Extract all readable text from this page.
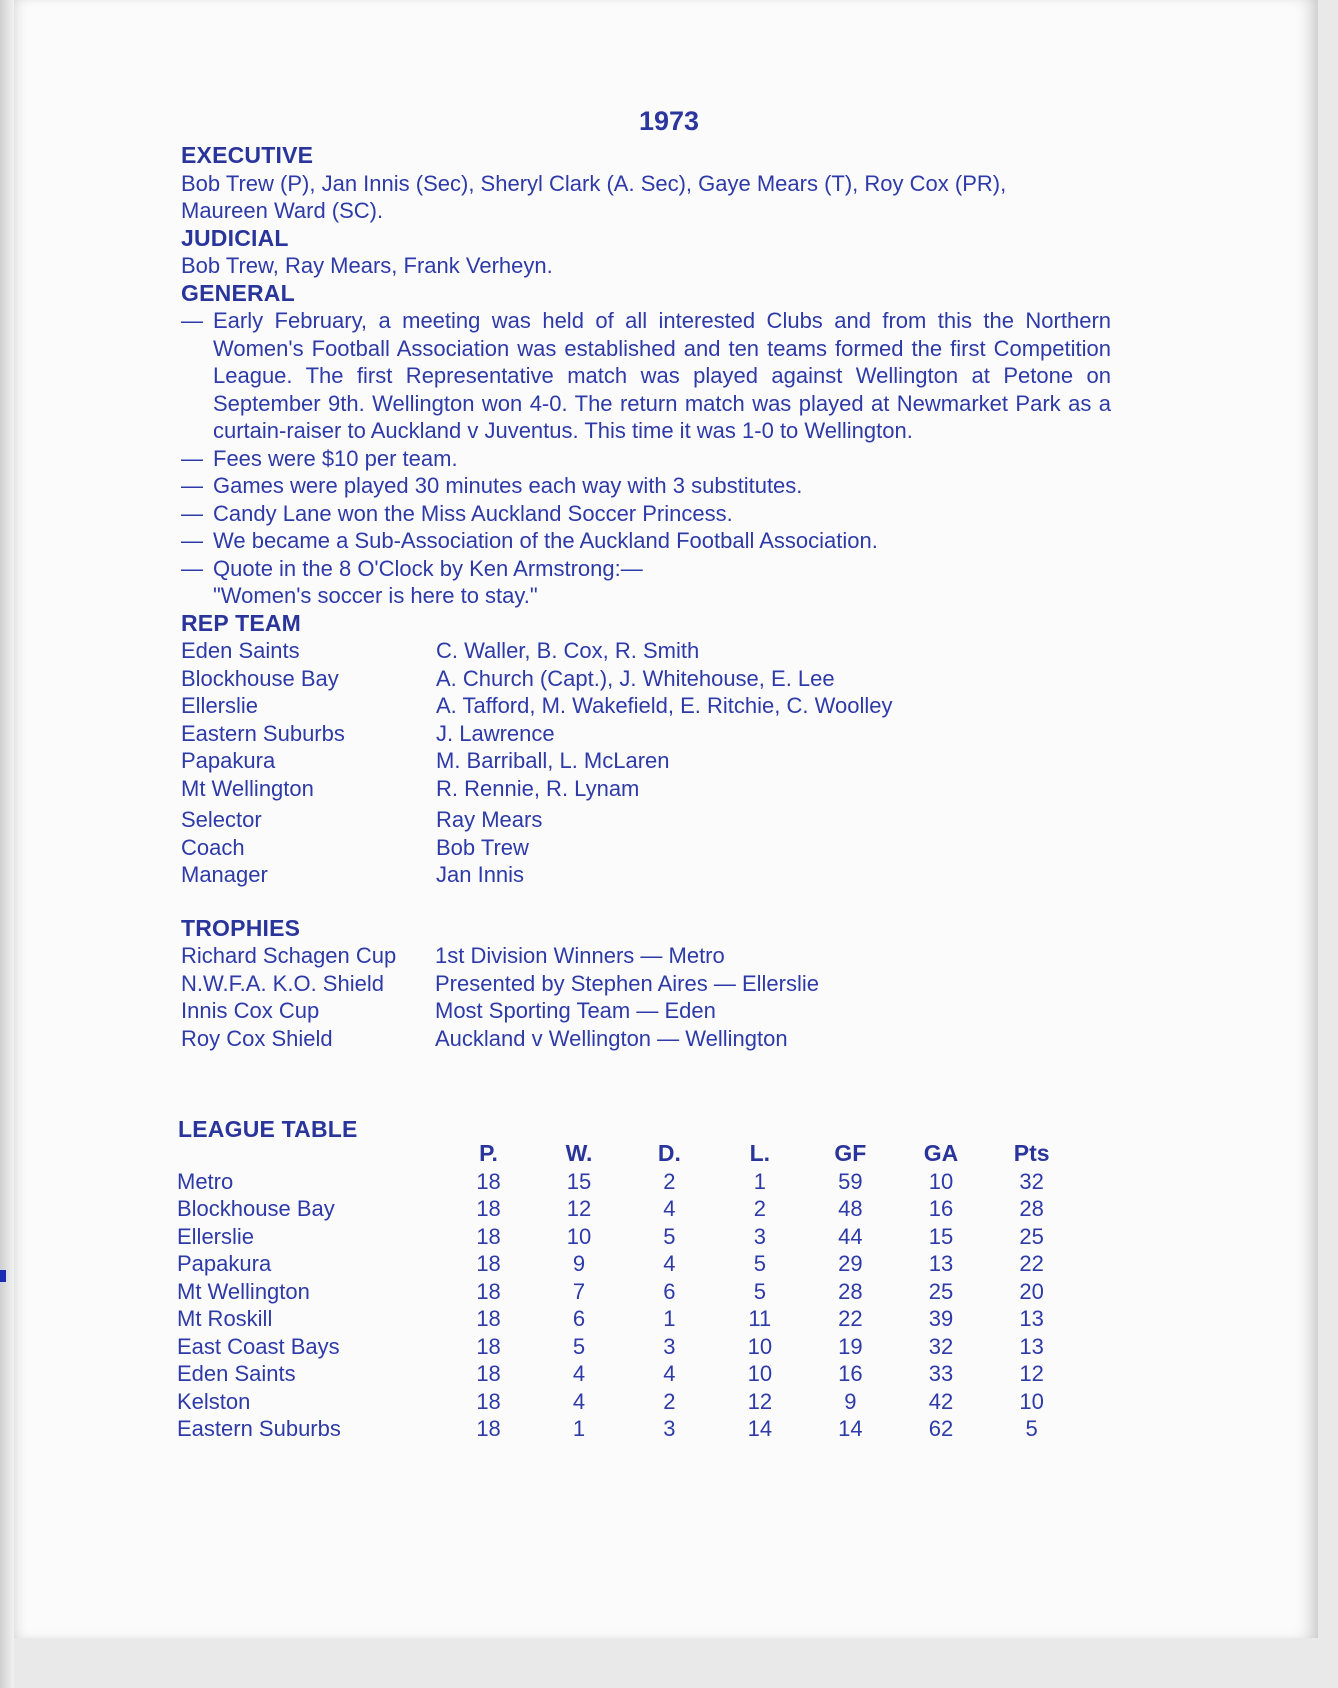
1973
EXECUTIVE
Bob Trew (P), Jan Innis (Sec), Sheryl Clark (A. Sec), Gaye Mears (T), Roy Cox (PR),
Maureen Ward (SC).
JUDICIAL
Bob Trew, Ray Mears, Frank Verheyn.
GENERAL
— Early February, a meeting was held of all interested Clubs and from this the Northern Women's Football Association was established and ten teams formed the first Competition League. The first Representative match was played against Wellington at Petone on September 9th. Wellington won 4-0. The return match was played at Newmarket Park as a curtain-raiser to Auckland v Juventus. This time it was 1-0 to Wellington.
— Fees were $10 per team.
— Games were played 30 minutes each way with 3 substitutes.
— Candy Lane won the Miss Auckland Soccer Princess.
— We became a Sub-Association of the Auckland Football Association.
— Quote in the 8 O'Clock by Ken Armstrong:—
"Women's soccer is here to stay."
REP TEAM
Eden Saints	C. Waller, B. Cox, R. Smith
Blockhouse Bay	A. Church (Capt.), J. Whitehouse, E. Lee
Ellerslie	A. Tafford, M. Wakefield, E. Ritchie, C. Woolley
Eastern Suburbs	J. Lawrence
Papakura	M. Barriball, L. McLaren
Mt Wellington	R. Rennie, R. Lynam
Selector	Ray Mears
Coach	Bob Trew
Manager	Jan Innis
TROPHIES
Richard Schagen Cup	1st Division Winners — Metro
N.W.F.A. K.O. Shield	Presented by Stephen Aires — Ellerslie
Innis Cox Cup	Most Sporting Team — Eden
Roy Cox Shield	Auckland v Wellington — Wellington
LEAGUE TABLE
	P.	W.	D.	L.	GF	GA	Pts
Metro	18	15	2	1	59	10	32
Blockhouse Bay	18	12	4	2	48	16	28
Ellerslie	18	10	5	3	44	15	25
Papakura	18	9	4	5	29	13	22
Mt Wellington	18	7	6	5	28	25	20
Mt Roskill	18	6	1	11	22	39	13
East Coast Bays	18	5	3	10	19	32	13
Eden Saints	18	4	4	10	16	33	12
Kelston	18	4	2	12	9	42	10
Eastern Suburbs	18	1	3	14	14	62	5
